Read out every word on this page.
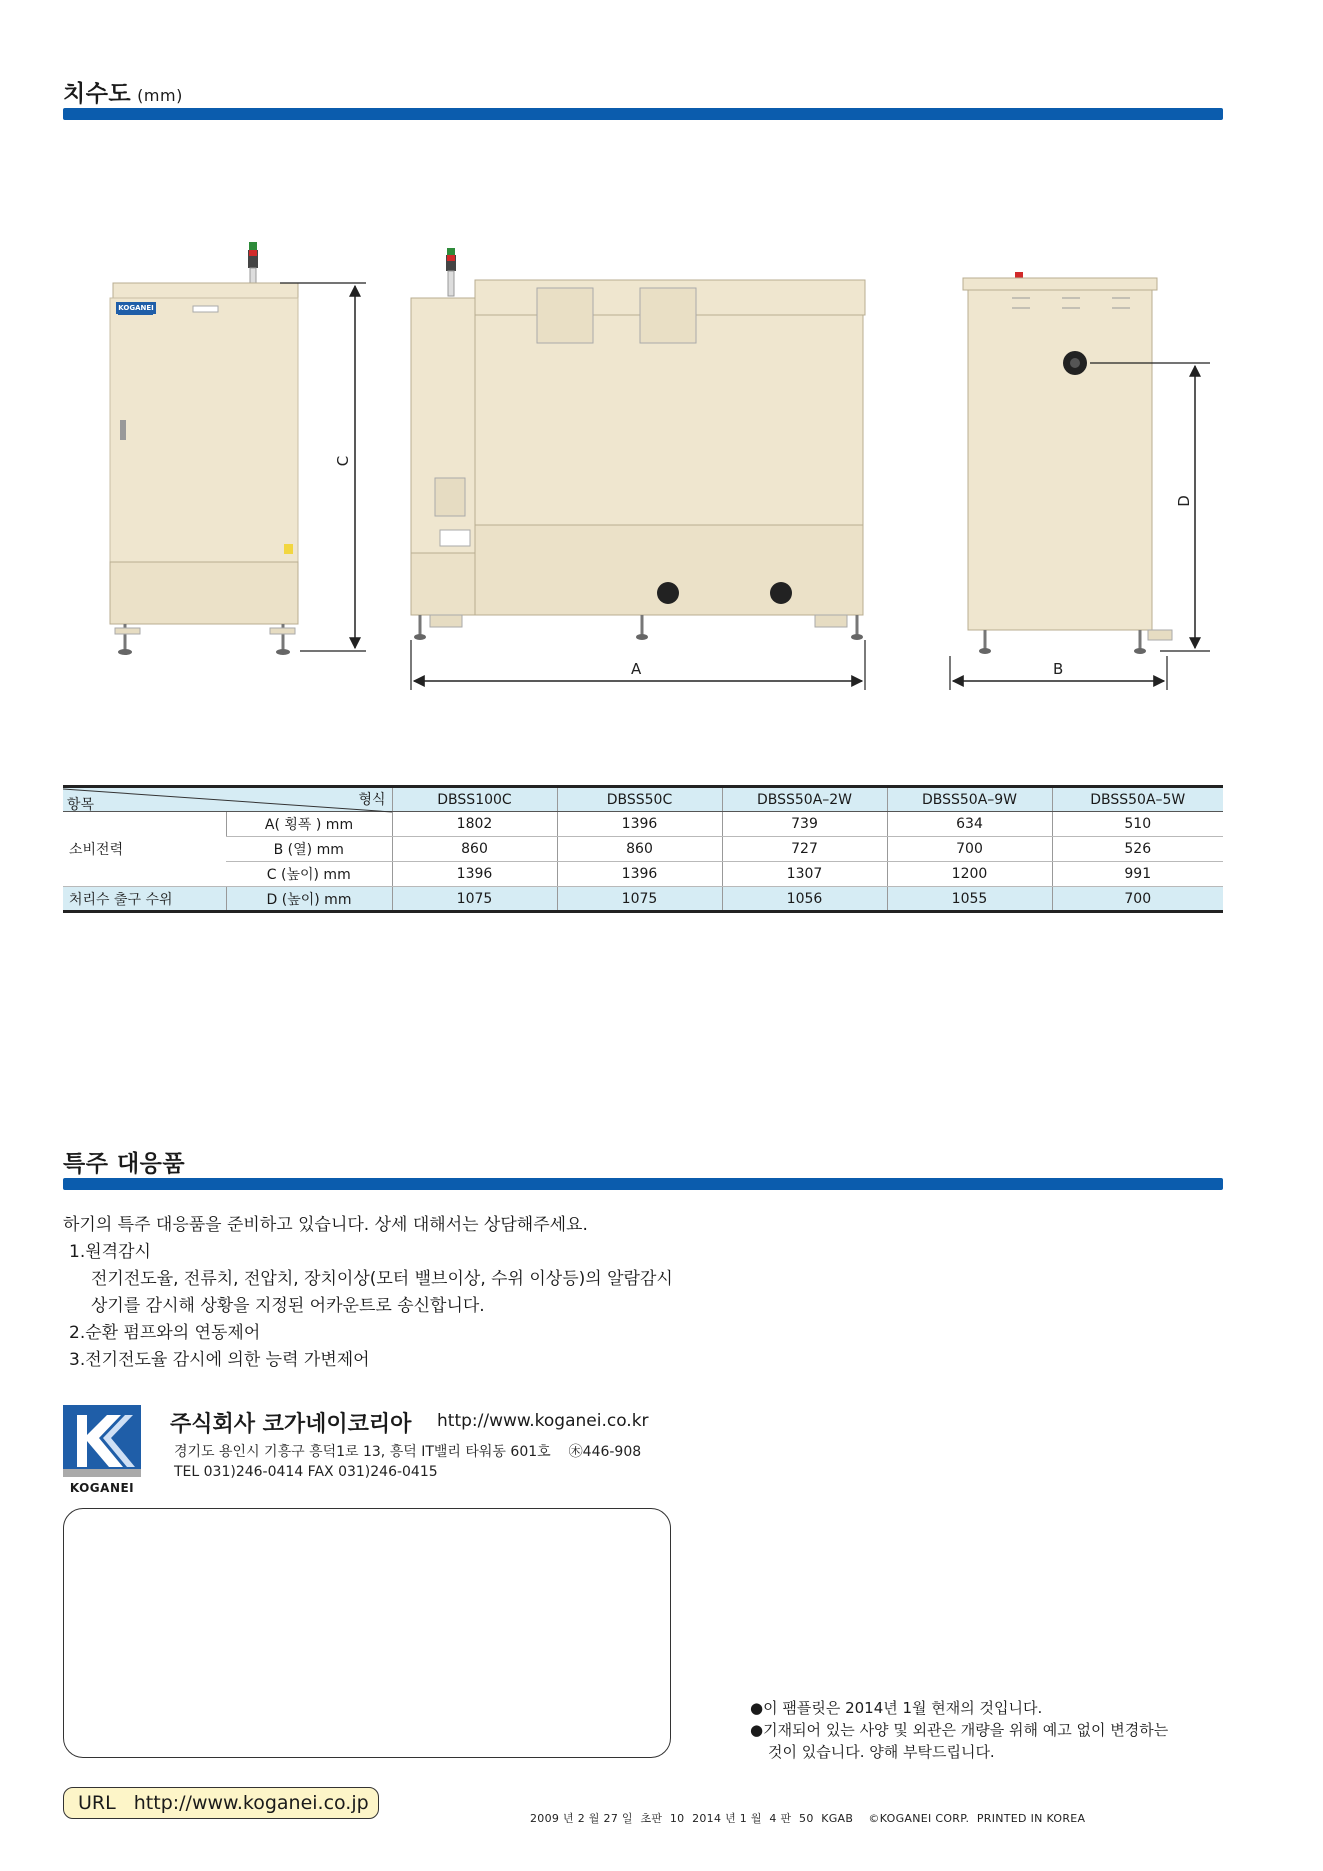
치수도 (mm)
KOGANEI
C
A
D
B
항목 형식		DBSS100C	DBSS50C	DBSS50A–2W	DBSS50A–9W	DBSS50A–5W
소비전력	A( 횡폭 ) mm	1802	1396	739	634	510
	B (열) mm	860	860	727	700	526
	C (높이) mm	1396	1396	1307	1200	991
처리수 출구 수위	D (높이) mm	1075	1075	1056	1055	700
특주 대응품
하기의 특주 대응품을 준비하고 있습니다. 상세 대해서는 상담해주세요.
1.원격감시
전기전도율, 전류치, 전압치, 장치이상(모터 밸브이상, 수위 이상등)의 알람감시
상기를 감시해 상황을 지정된 어카운트로 송신합니다.
2.순환 펌프와의 연동제어
3.전기전도율 감시에 의한 능력 가변제어
KOGANEI
주식회사 코가네이코리아 http://www.koganei.co.kr
경기도 용인시 기흥구 흥덕1로 13, 흥덕 IT밸리 타워동 601호 ㊍446-908
TEL 031)246-0414 FAX 031)246-0415
●이 팸플릿은 2014년 1월 현재의 것입니다.
●기재되어 있는 사양 및 외관은 개량을 위해 예고 없이 변경하는
것이 있습니다. 양해 부탁드립니다.
URL http://www.koganei.co.jp
2009 년 2 월 27 일  초판  10  2014 년 1 월  4 판  50  KGAB    ©KOGANEI CORP.  PRINTED IN KOREA
